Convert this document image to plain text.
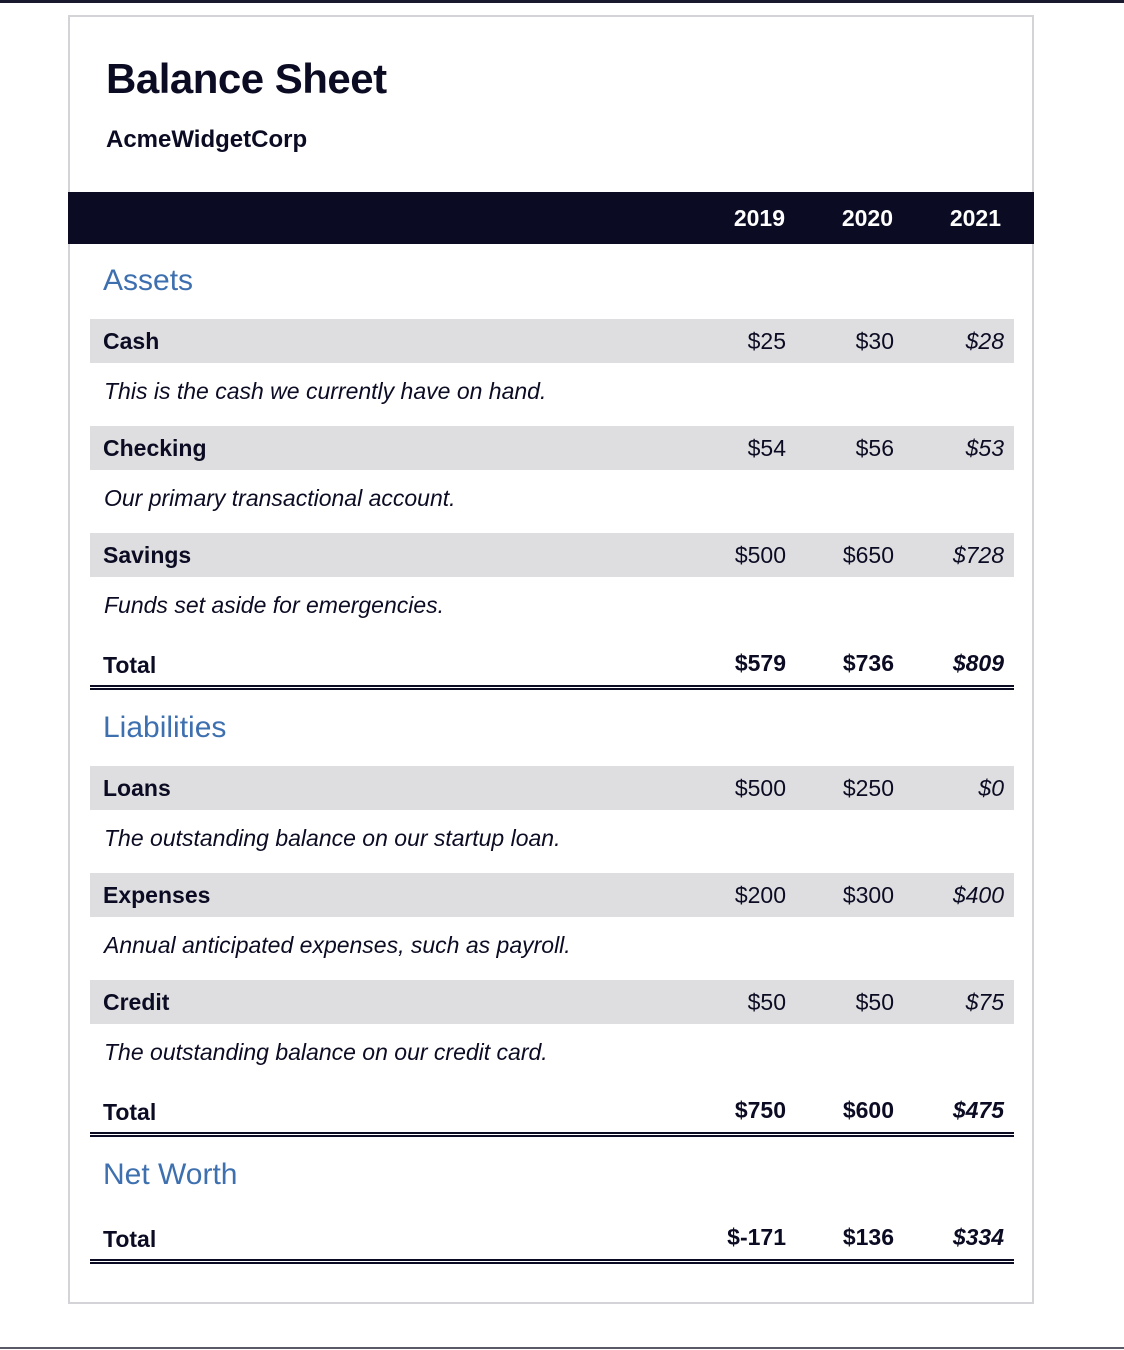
Balance Sheet
AcmeWidgetCorp
2019	2020	2021
Assets
Cash	$25	$30	$28
This is the cash we currently have on hand.
Checking	$54	$56	$53
Our primary transactional account.
Savings	$500	$650	$728
Funds set aside for emergencies.
Total	$579	$736	$809
Liabilities
Loans	$500	$250	$0
The outstanding balance on our startup loan.
Expenses	$200	$300	$400
Annual anticipated expenses, such as payroll.
Credit	$50	$50	$75
The outstanding balance on our credit card.
Total	$750	$600	$475
Net Worth
Total	$-171	$136	$334
